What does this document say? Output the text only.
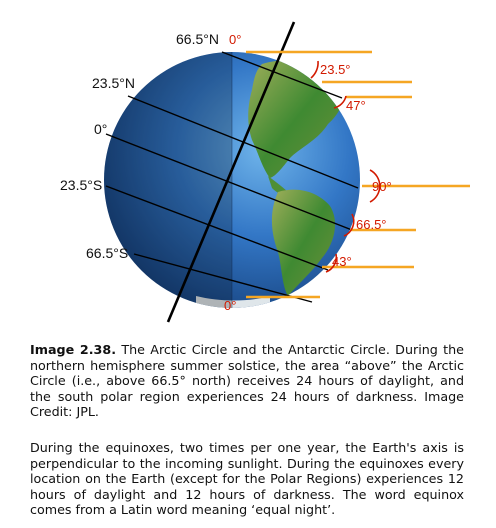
66.5°N
23.5°N
0°
23.5°S
66.5°S
0°
23.5°
47°
90°
66.5°
43°
0°

Image 2.38. The Arctic Circle and the Antarctic Circle. During the northern hemisphere summer solstice, the area “above” the Arctic Circle (i.e., above 66.5° north) receives 24 hours of daylight, and the south polar region experiences 24 hours of darkness. Image Credit: JPL.

During the equinoxes, two times per one year, the Earth's axis is perpendicular to the incoming sunlight. During the equinoxes every location on the Earth (except for the Polar Regions) experiences 12 hours of daylight and 12 hours of darkness. The word equinox comes from a Latin word meaning ‘equal night’.
